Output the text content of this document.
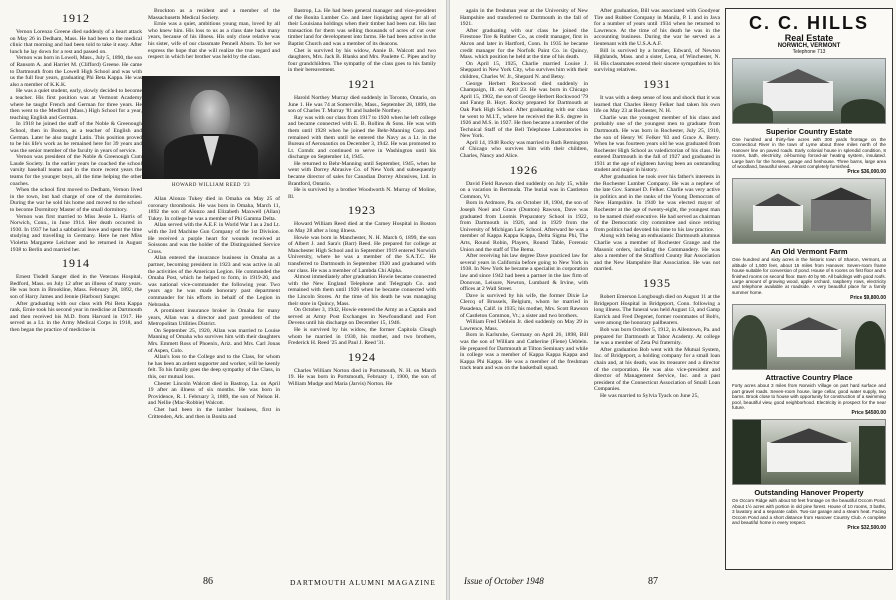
1912

Vernon Lorenzo Greene died suddenly of a heart attack on May 26 in Dedham, Mass. He had been to the medical clinic that morning and had been told to take it easy. After lunch he lay down for a rest and passed on.

Vernon was born in Lowell, Mass., July 5, 1890, the son of Ransom A. and Harriet M. (Clifford) Greene. He came to Dartmouth from the Lowell High School and was with us the full four years, graduating Phi Beta Kappa. He was also a member of K.K.K.

He was a quiet student, early, slowly decided to become a teacher. His first position was at Vermont Academy where he taught French and German for three years. He then went to the Medford (Mass.) High School for a year, teaching English and German.

In 1918 he joined the staff of the Noble & Greenough School, then in Boston, as a teacher of English and German. Later he also taught Latin. This position proved to be his life's work as he remained here for 39 years and was the senior member of the faculty in years of service.

Vernon was president of the Noble & Greenough Cum Laude Society. In the earlier years he coached the school varsity baseball teams and in the more recent years the teams for the younger boys, all the time helping the other coaches.

When the school first moved to Dedham, Vernon lived in the town, but had charge of one of the dormitories. During the war he sold his home and moved to the school to become Dormitory Master of the small dormitory.

Vernon was first married to Miss Jessie L. Harris of Norwich, Conn., in June 1914. Her death occurred in 1930. In 1937 he had a sabbatical leave and spent the time studying and travelling in Germany. Here he met Miss Violetta Margarete Leichner and he returned in August 1938 to Berlin and married her.

1914

Ernest Tisdell Sanger died in the Veterans Hospital, Bedford, Mass. on July 12 after an illness of many years. He was born in Brookline, Mass. February 28, 1892, the son of Harry James and Jennie (Harbour) Sanger.

After graduating with our class with Phi Beta Kappa rank, Ernie took his second year in medicine at Dartmouth and then received his M.D. from Harvard in 1917. He served as a Lt. in the Army Medical Corps in 1918, and then began the practice of medicine in

Brockton as a resident and a member of the Massachusetts Medical Society.

Ernie was a quiet, ambitious young man, loved by all who knew him. His loss to us as a class date back many years, because of his illness. His only close relative was his sister, wife of our classmate Pennell Aborn. To her we express the hope that she will realize the true regard and respect in which her brother was held by the class.

HOWARD WILLIAM REED '23

Allan Alonzo Tukey died in Omaha on May 25 of coronary thrombosis. He was born in Omaha, March 11, 1892 the son of Alonzo and Elizabeth Maxwell (Allan) Tukey. In college he was a member of Phi Gamma Delta.

Allan served with the A.E.F. in World War I as a 2nd Lt. with the 3rd Machine Gun Company of the 1st Division. He received a purple heart for wounds received at Soissons and was the holder of the Distinguished Service Cross.

Allan entered the insurance business in Omaha as a partner, becoming president in 1923 and was active in all the activities of the American Legion. He commanded the Omaha Post, which he helped to form, in 1919-20, and was national vice-commander the following year. Two years ago he was made honorary past department commander for his efforts in behalf of the Legion in Nebraska.

A prominent insurance broker in Omaha for many years, Allan was a director and past president of the Metropolitan Utilities District.

On September 25, 1920, Allan was married to Louise Manning of Omaha who survives him with their daughters Mrs. Emmett Ross of Phoenix, Ariz. and Mrs. Carl Jonas of Aspen, Colo.

Allan's loss to the College and to the Class, for whom he has been an ardent supporter and worker, will be keenly felt. To his family goes the deep sympathy of the Class, in this, our mutual loss.

Chester Lincoln Walcott died in Bastrop, La. on April 19 after an illness of six months. He was born in Providence, R. I. February 3, 1889, the son of Nelson H. and Nellie (Mac-Robbie) Walcott.

Chet had been in the lumber business, first in Crittenden, Ark. and then in Bonita and

Bastrop, La. He had been general manager and vice-president of the Bonita Lumber Co. and later liquidating agent for all of their Louisiana holdings when their timber had been cut. His last transaction for them was selling thousands of acres of cut over timber land for development into farms. He had been active in the Baptist Church and was a member of its deacons.

Chet is survived by his widow, Annie B. Walcott and two daughters, Mrs. Jack B. Blanks and Mrs. Paulette C. Pipes and by four grandchildren. The sympathy of the class goes to his family in their bereavement.

1921

Harold Northey Murray died suddenly in Toronto, Ontario, on June 1. He was 74 at Somerville, Mass., September 28, 1899, the son of Charles T. Murray '81 and Isabelle Northey.

Ray was with our class from 1917 to 1920 when he left college and became connected with E. B. Rollins & Sons. He was with them until 1928 when he joined the Behr-Manning Corp. and remained with them until he entered the Navy as a Lt. in the Bureau of Aeronautics on December 3, 1942. He was promoted to Lt. Comdr. and continued to serve in Washington until his discharge on September 14, 1945.

He returned to Behr-Manning until September, 1945, when he went with Dorrey Abrasive Co. of New York and subsequently became director of sales for Canadian Dorrey Abrasives, Ltd. in Brantford, Ontario.

He is survived by a brother Woodworth N. Murray of Moline, Ill.

1923

Howard William Reed died at the Carney Hospital in Boston on May 28 after a long illness.

Howie was born in Manchester, N. H. March 6, 1899, the son of Albert J. and Sara's (Barr) Reed. He prepared for college at Manchester High School and in September 1919 entered Norwich University, where he was a member of the S.A.T.C. He transferred to Dartmouth in September 1920 and graduated with our class. He was a member of Lambda Chi Alpha.

Almost immediately after graduation Howie became connected with the New England Telephone and Telegraph Co. and remained with them until 1926 when he became connected with the Lincoln Stores. At the time of his death he was managing their store in Quincy, Mass.

On October 3, 1942, Howie entered the Army as a Captain and served at Army Post Exchanges in Newfoundland and Fort Devens until his discharge on December 15, 1946.

He is survived by his widow, the former Capitola Clough whom he married in 1930, his mother, and two brothers, Frederick H. Reed '25 and Paul J. Reed '31.

1924

Charles William Norton died in Portsmouth, N. H. on March 19. He was born in Portsmouth, February 1, 1900, the son of William Mudge and Maria (Jarvis) Norton. He

86	DARTMOUTH ALUMNI MAGAZINE

again in the freshman year at the University of New Hampshire and transferred to Dartmouth in the fall of 1921.

After graduating with our class he joined the Firestone Tire & Rubber Co., as credit manager, first in Akron and later in Hartford, Conn. In 1935 he became credit manager for the Norfolk Paint Co. in Quincy, Mass. which position he held at the time of his death.

On April 15, 1925, Charlie married Louise J. Sheppard in New York City, who survives him with their children, Charles W. Jr., Shepard N. and Betsy.

George Herbert Rockwood died suddenly in Champaign, Ill. on April 23. He was born in Chicago April 15, 1902, the son of George Herbert Rockwood '79 and Fanny B. Hoyt. Rocky prepared for Dartmouth at Oak Park High School. After graduating with our class he went to M.I.T., where he received the B.S. degree in 1926 and M.S. in 1927. He then became a member of the Technical Staff of the Bell Telephone Laboratories in New York.

April 14, 1948 Rocky was married to Ruth Remington of Chicago who survives him with their children, Charles, Nancy and Alice.

1926

David Field Rawson died suddenly on July 15, while on a vacation in Bermuda. The burial was in Castleton Common, Vt.

Born in Ardmore, Pa. on October 18, 1904, the son of Joseph Noel and Grace (Dunton) Rawson, Dave was graduated from Loomis Preparatory School in 1922, from Dartmouth in 1926, and in 1929 from the University of Michigan Law School. Afterward he was a member of Kappa Kappa Kappa, Delta Sigma Phi, The Arts, Round Robin, Players, Round Table, Forensic Union and the staff of The Bema.

After receiving his law degree Dave practiced law for several years in California before going to New York in 1938. In New York he became a specialist in corporation law and since 1942 had been a partner in the law firm of Donovan, Leisure, Newton, Lumbard & Irvine, with offices at 2 Wall Street.

Dave is survived by his wife, the former Dixie Le Clercq of Brussels, Belgium, whom he married in Pasadena, Calif. in 1935; his mother, Mrs. Scott Rawson of Castleton Common, Vt.; a sister and two brothers.

William Fred Ueblein Jr. died suddenly on May 29 in Lawrence, Mass.

Born in Karlsruhe, Germany on April 26, 1898, Bill was the son of William and Catherine (Fiene) Ueblein. He prepared for Dartmouth at Tilton Seminary and while in college was a member of Kappa Kappa Kappa and Kappa Phi Kappa. He was a member of the freshman track team and was on the basketball squad.

After graduation, Bill was associated with Goodyear Tire and Rubber Company in Manila, P. I. and in Java for a number of years until 1934 when he returned to Lawrence. At the time of his death he was in the accounting business. During the war he served as a lieutenant with the U.S.A.A.F.

Bill is survived by a brother, Edward, of Newton Highlands, Mass. and a sister, Lena, of Winchester, N. H. His classmates extend their sincere sympathies to his surviving relatives.

1931

It was with a deep sense of loss and shock that it was learned that Charles Henry Felker had taken his own life on May 23 at Rochester, N. H.

Charlie was the youngest member of his class and probably one of the youngest men to graduate from Dartmouth. He was born in Rochester, July 25, 1910, the son of Henry W. Felker '83 and Grace A. Berry. When he was fourteen years old he was graduated from Rochester High School as valedictorian of his class. He entered Dartmouth in the fall of 1927 and graduated in 1931 at the age of eighteen having been an outstanding student and major in history.

After graduation he took over his father's interests in the Rochester Lumber Company. He was a nephew of the late Gov. Samuel D. Felker. Charlie was very active in politics and in the ranks of the Young Democrats of New Hampshire. In 1940 he was elected mayor of Rochester at the age of twenty-eight, the youngest man to be named chief executive. He had served as chairman of the Democratic city committee and since retiring from politics had devoted his time to his law practice.

Along with being an enthusiastic Dartmouth alumnus Charlie was a member of Rochester Grange and the Masonic orders, including the Commandery. He was also a member of the Strafford County Bar Association and the New Hampshire Bar Association. He was not married.

1935

Robert Emerson Longbough died on August 11 at the Bridgeport Hospital in Bridgeport, Conn. following a long illness. The funeral was held August 13, and Gamp Earrick and Fred Degenet, former roommates of Bob's, were among the honorary pallbearers.

Bob was born October 5, 1912, in Allentown, Pa. and prepared for Dartmouth at Tabor Academy. At college he was a member of Zeta Psi fraternity.

After graduation Bob went with the Mutual System, Inc. of Bridgeport, a holding company for a small loan chain and, at his death, was its treasurer and a director of the corporation. He was also vice-president and director of Management Service, Inc. and a past president of the Connecticut Association of Small Loan Companies.

He was married to Sylvia Tyack on June 25,

Issue of October 1948	87
C. C. HILLS
Real Estate
NORWICH, VERMONT
Telephone 713
Superior Country Estate
One hundred and thirty-five acres with 300 yards frontage on the Connecticut River in the town of Lyme about three miles north of the Hanover line on paved roads. Early colonial house in splendid condition, 8 rooms, bath, electricity, oil-burning forced-air heating system, insulated. Large barn for the horses, garage and henhouse. Three barns, large area of woodland, beautiful views. Almost completely furnished.
Price $36,000.00
An Old Vermont Farm
One hundred and sixty acres in the historic town of Sharon, Vermont, at altitude of 1,500 feet, about 15 miles from Hanover. Seven-room frame house suitable for conversion of pond. House of 6 rooms on first floor and 5 finished rooms on second floor. Barn 40 by 90. All buildings with good roofs. Large amount of growing wood, apple orchard, raspberry rows, electricity and telephone available at roadside. A very beautiful place for a family summer home.
Price $9,800.00
Attractive Country Place
Forty acres about 3 miles from Norwich Village on part hard surface and part gravel roads. Seven-room house, large cellar, good water supply, two barns. Brook close to house with opportunity for construction of a swimming pool, beautiful view, good neighborhood. Electricity in prospect for the near future.
Price $4500.00
Outstanding Hanover Property
On Occom Ridge with about 50 feet frontage on the beautiful Occom Pond. About 1½ acres with portion in old pine forest. House of 10 rooms, 3 baths, 3 lavatory and a separate cabin. Two-car garage and a steam heat. Facing Occom Pond and a short distance from Hanover Country Club. A complete and beautiful home in every respect.
Price $32,500.00
